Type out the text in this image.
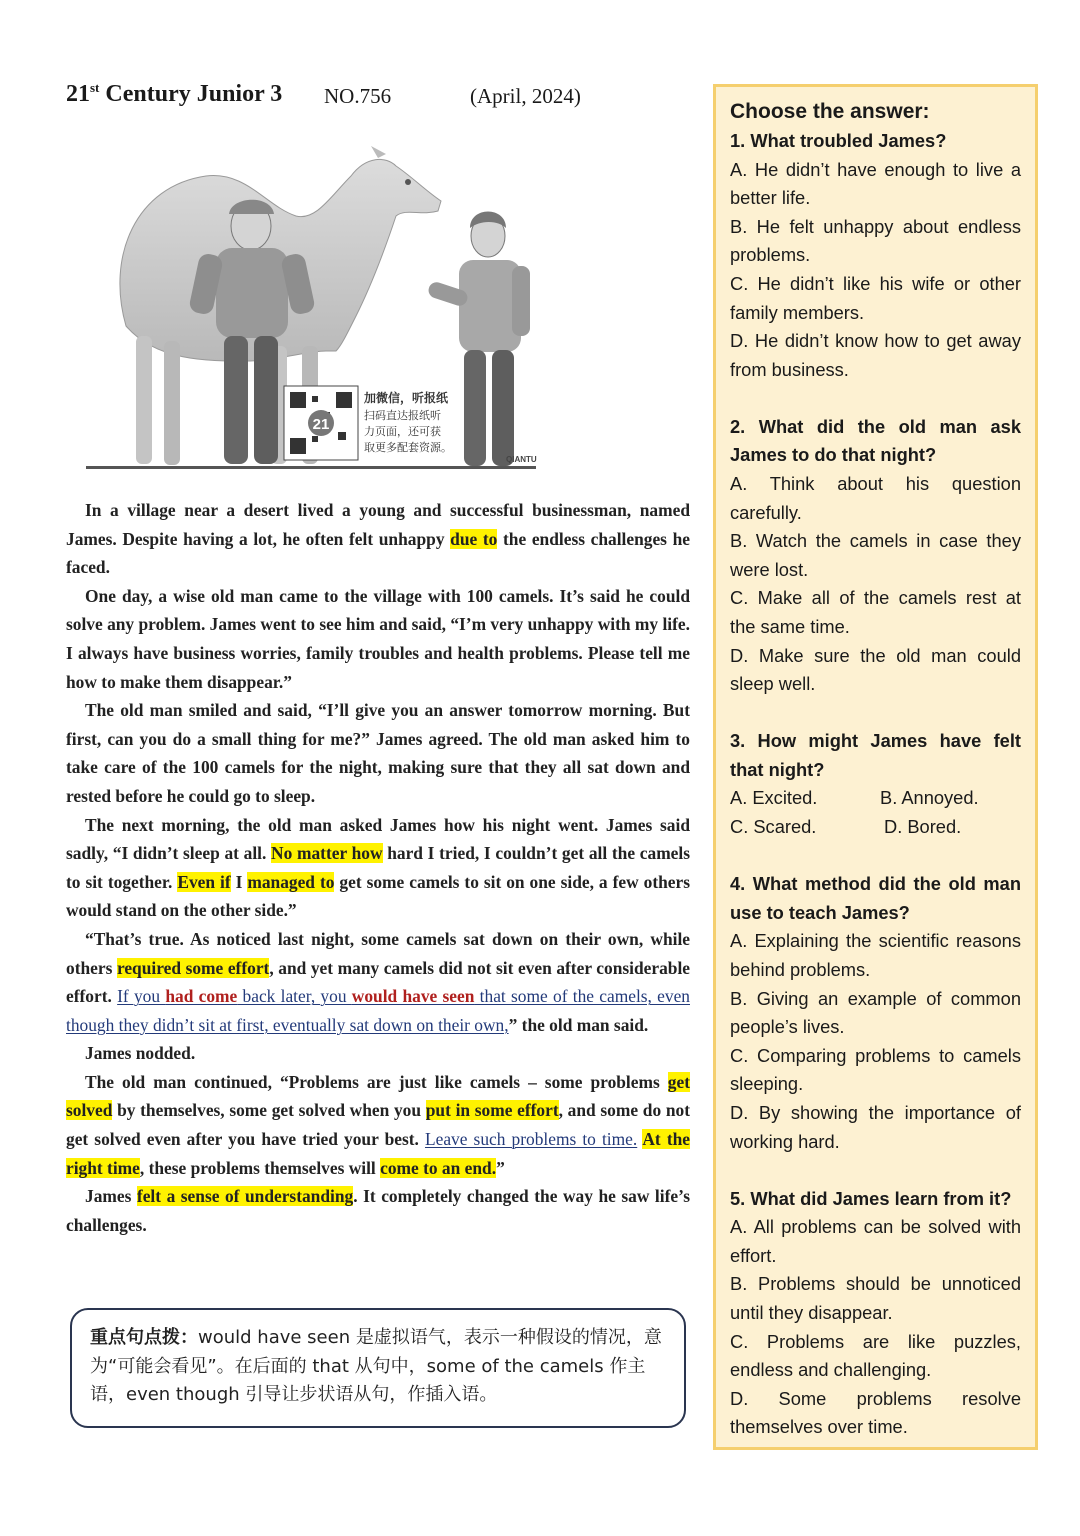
21st Century Junior 3 NO.756	(April, 2024)
21
加微信，听报纸
扫码直达报纸听
力页面，还可获
取更多配套资源。
QIANTU

In a village near a desert lived a young and successful businessman, named James. Despite having a lot, he often felt unhappy due to the endless challenges he faced.

One day, a wise old man came to the village with 100 camels. It’s said he could solve any problem. James went to see him and said, “I’m very unhappy with my life. I always have business worries, family troubles and health problems. Please tell me how to make them disappear.”

The old man smiled and said, “I’ll give you an answer tomorrow morning. But first, can you do a small thing for me?” James agreed. The old man asked him to take care of the 100 camels for the night, making sure that they all sat down and rested before he could go to sleep.

The next morning, the old man asked James how his night went. James said sadly, “I didn’t sleep at all. No matter how hard I tried, I couldn’t get all the camels to sit together. Even if I managed to get some camels to sit on one side, a few others would stand on the other side.”

“That’s true. As noticed last night, some camels sat down on their own, while others required some effort, and yet many camels did not sit even after considerable effort. If you had come back later, you would have seen that some of the camels, even though they didn’t sit at first, eventually sat down on their own,” the old man said.

James nodded.

The old man continued, “Problems are just like camels – some problems get solved by themselves, some get solved when you put in some effort, and some do not get solved even after you have tried your best. Leave such problems to time. At the right time, these problems themselves will come to an end.”

James felt a sense of understanding. It completely changed the way he saw life’s challenges.

重点句点拨：would have seen 是虚拟语气，表示一种假设的情况，意为“可能会看见”。在后面的 that 从句中，some of the camels 作主语，even though 引导让步状语从句，作插入语。
Choose the answer:
1. What troubled James?
A. He didn’t have enough to live a better life.
B. He felt unhappy about endless problems.
C. He didn’t like his wife or other family members.
D. He didn’t know how to get away from business.
2. What did the old man ask James to do that night?
A. Think about his question carefully.
B. Watch the camels in case they were lost.
C. Make all of the camels rest at the same time.
D. Make sure the old man could sleep well.
3. How might James have felt that night?
A. Excited.	B. Annoyed.
C. Scared.	D. Bored.
4. What method did the old man use to teach James?
A. Explaining the scientific reasons behind problems.
B. Giving an example of common people’s lives.
C. Comparing problems to camels sleeping.
D. By showing the importance of working hard.
5. What did James learn from it?
A. All problems can be solved with effort.
B. Problems should be unnoticed until they disappear.
C. Problems are like puzzles, endless and challenging.
D. Some problems resolve themselves over time.
